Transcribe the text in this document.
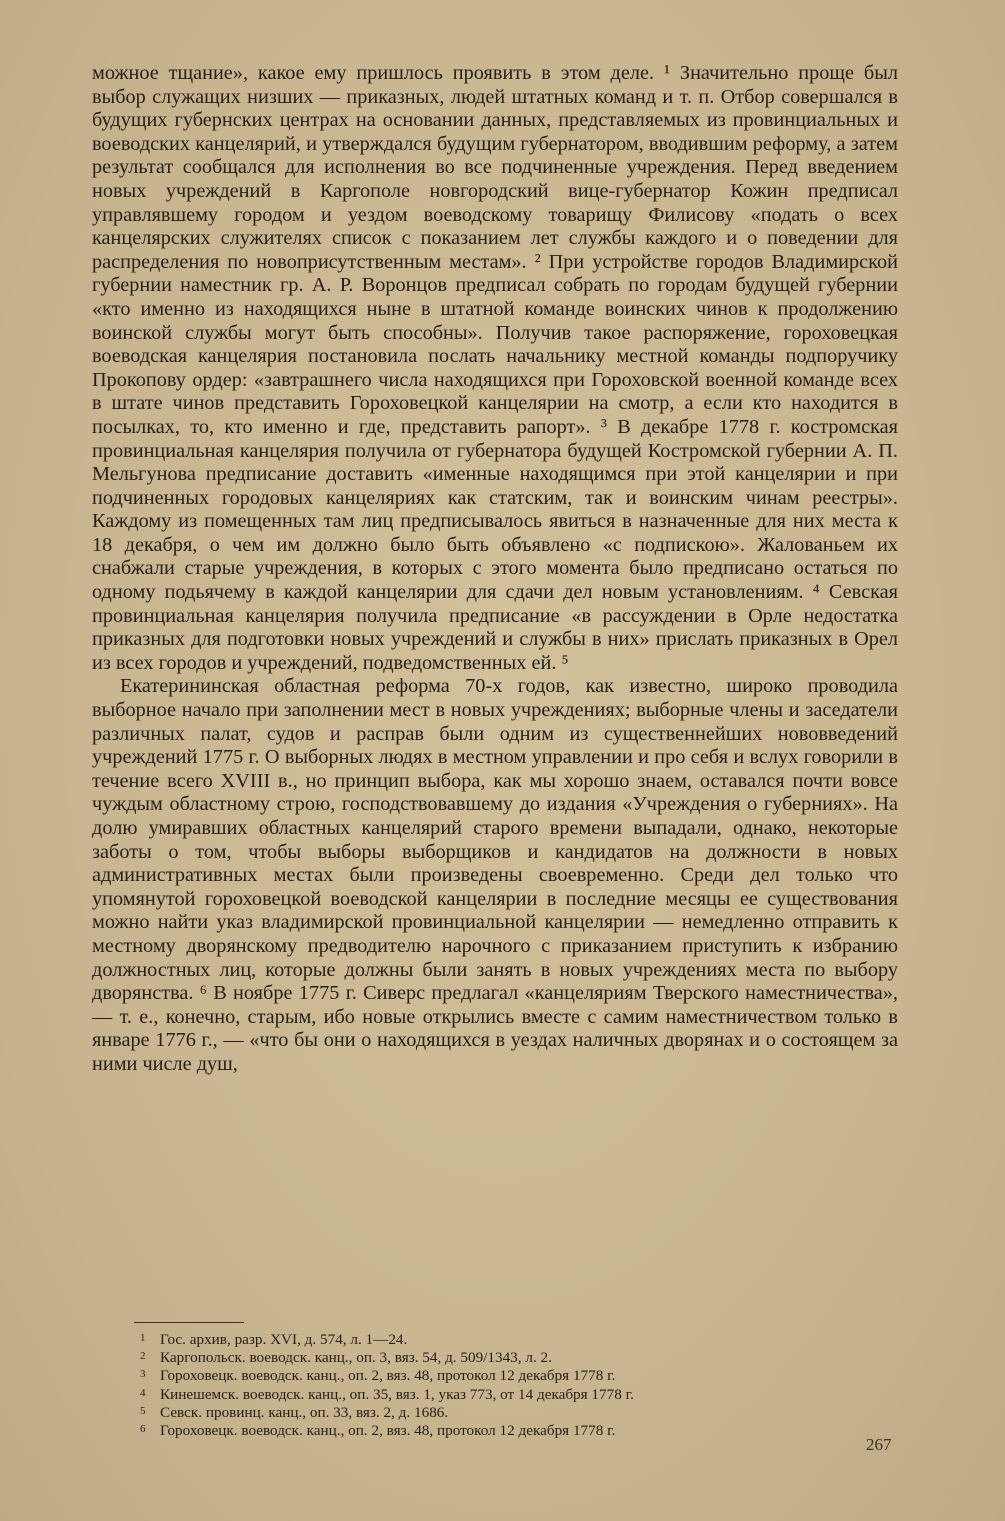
можное тщание», какое ему пришлось проявить в этом деле. ¹ Значительно проще был выбор служащих низших — приказных, людей штатных команд и т. п. Отбор совершался в будущих губернских центрах на основании данных, представляемых из провинциальных и воеводских канцелярий, и утверждался будущим губернатором, вводившим реформу, а затем результат сообщался для исполнения во все подчиненные учреждения. Перед введением новых учреждений в Каргополе новгородский вице-губернатор Кожин предписал управлявшему городом и уездом воеводскому товарищу Филисову «подать о всех канцелярских служителях список с показанием лет службы каждого и о поведении для распределения по новоприсутственным местам». ² При устройстве городов Владимирской губернии наместник гр. А. Р. Воронцов предписал собрать по городам будущей губернии «кто именно из находящихся ныне в штатной команде воинских чинов к продолжению воинской службы могут быть способны». Получив такое распоряжение, гороховецкая воеводская канцелярия постановила послать начальнику местной команды подпоручику Прокопову ордер: «завтрашнего числа находящихся при Гороховской военной команде всех в штате чинов представить Гороховецкой канцелярии на смотр, а если кто находится в посылках, то, кто именно и где, представить рапорт». ³ В декабре 1778 г. костромская провинциальная канцелярия получила от губернатора будущей Костромской губернии А. П. Мельгунова предписание доставить «именные находящимся при этой канцелярии и при подчиненных городовых канцеляриях как статским, так и воинским чинам реестры». Каждому из помещенных там лиц предписывалось явиться в назначенные для них места к 18 декабря, о чем им должно было быть объявлено «с подпискою». Жалованьем их снабжали старые учреждения, в которых с этого момента было предписано остаться по одному подьячему в каждой канцелярии для сдачи дел новым установлениям. ⁴ Севская провинциальная канцелярия получила предписание «в рассуждении в Орле недостатка приказных для подготовки новых учреждений и службы в них» прислать приказных в Орел из всех городов и учреждений, подведомственных ей. ⁵

Екатерининская областная реформа 70-х годов, как известно, широко проводила выборное начало при заполнении мест в новых учреждениях; выборные члены и заседатели различных палат, судов и расправ были одним из существеннейших нововведений учреждений 1775 г. О выборных людях в местном управлении и про себя и вслух говорили в течение всего XVIII в., но принцип выбора, как мы хорошо знаем, оставался почти вовсе чуждым областному строю, господствовавшему до издания «Учреждения о губерниях». На долю умиравших областных канцелярий старого времени выпадали, однако, некоторые заботы о том, чтобы выборы выборщиков и кандидатов на должности в новых административных местах были произведены своевременно. Среди дел только что упомянутой гороховецкой воеводской канцелярии в последние месяцы ее существования можно найти указ владимирской провинциальной канцелярии — немедленно отправить к местному дворянскому предводителю нарочного с приказанием приступить к избранию должностных лиц, которые должны были занять в новых учреждениях места по выбору дворянства. ⁶ В ноябре 1775 г. Сиверс предлагал «канцеляриям Тверского наместничества», — т. е., конечно, старым, ибо новые открылись вместе с самим наместничеством только в январе 1776 г., — «что бы они о находящихся в уездах наличных дворянах и о состоящем за ними числе душ,

1 Гос. архив, разр. XVI, д. 574, л. 1—24.
2 Каргопольск. воеводск. канц., оп. 3, вяз. 54, д. 509/1343, л. 2.
3 Гороховецк. воеводск. канц., оп. 2, вяз. 48, протокол 12 декабря 1778 г.
4 Кинешемск. воеводск. канц., оп. 35, вяз. 1, указ 773, от 14 декабря 1778 г.
5 Севск. провинц. канц., оп. 33, вяз. 2, д. 1686.
6 Гороховецк. воеводск. канц., оп. 2, вяз. 48, протокол 12 декабря 1778 г.
267
